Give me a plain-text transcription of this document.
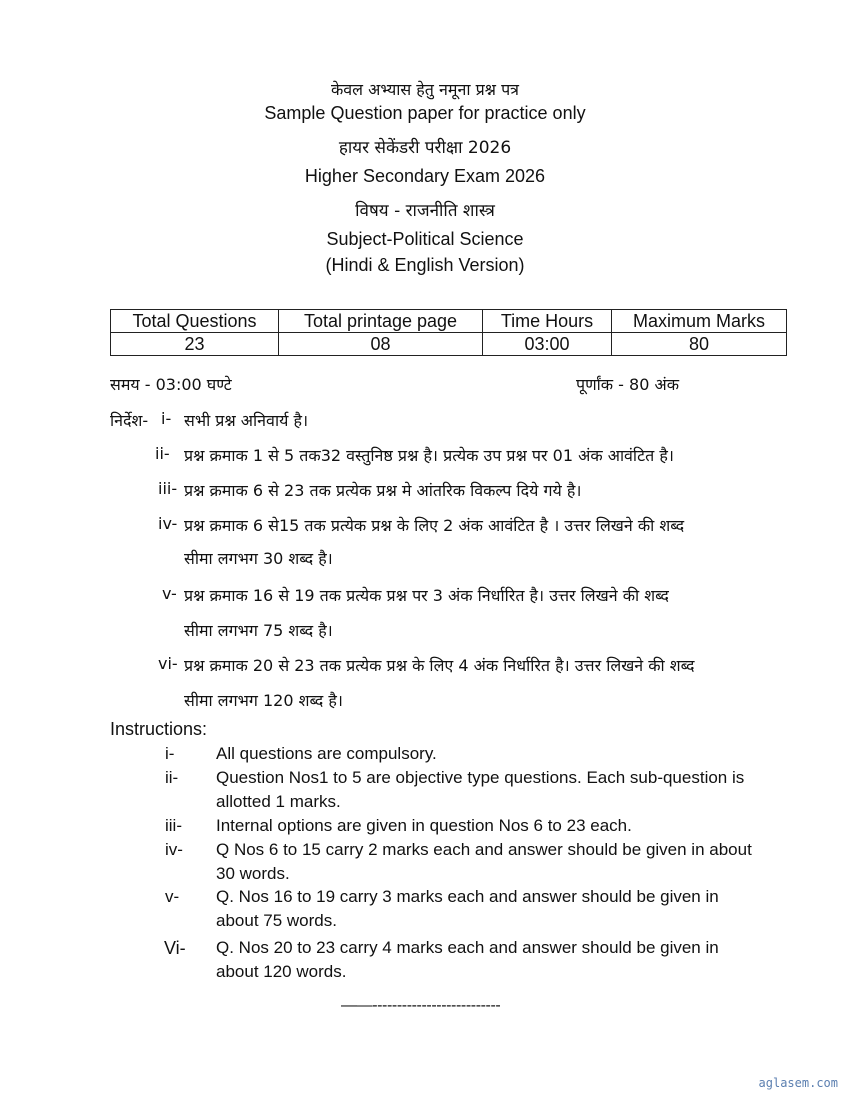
केवल अभ्यास हेतु नमूना प्रश्न पत्र
Sample Question paper for practice only
हायर सेकेंडरी परीक्षा 2026
Higher Secondary Exam 2026
विषय - राजनीति शास्त्र
Subject-Political Science
(Hindi & English Version)
Total Questions	Total printage page	Time Hours	Maximum Marks
23	08	03:00	80
समय - 03:00 घण्टे	पूर्णांक - 80 अंक
निर्देश- i- सभी प्रश्न अनिवार्य है।
ii- प्रश्न क्रमाक 1 से 5 तक32 वस्तुनिष्ठ प्रश्न है। प्रत्येक उप प्रश्न पर 01 अंक आवंटित है।
iii- प्रश्न क्रमाक 6 से 23 तक प्रत्येक प्रश्न मे आंतरिक विकल्प दिये गये है।
iv- प्रश्न क्रमाक 6 से15 तक प्रत्येक प्रश्न के लिए 2 अंक आवंटित है । उत्तर लिखने की शब्द
सीमा लगभग 30 शब्द है।
v- प्रश्न क्रमाक 16 से 19 तक प्रत्येक प्रश्न पर 3 अंक निर्धारित है। उत्तर लिखने की शब्द
सीमा लगभग 75 शब्द है।
vi- प्रश्न क्रमाक 20 से 23 तक प्रत्येक प्रश्न के लिए 4 अंक निर्धारित है। उत्तर लिखने की शब्द
सीमा लगभग 120 शब्द है।
Instructions:
i- All questions are compulsory.
ii- Question Nos1 to 5 are objective type questions. Each sub-question is
allotted 1 marks.
iii- Internal options are given in question Nos 6 to 23 each.
iv- Q Nos 6 to 15 carry 2 marks each and answer should be given in about
30 words.
v- Q. Nos 16 to 19 carry 3 marks each and answer should be given in
about 75 words.
Vi- Q. Nos 20 to 23 carry 4 marks each and answer should be given in
about 120 words.
——--------------------------
aglasem.com
